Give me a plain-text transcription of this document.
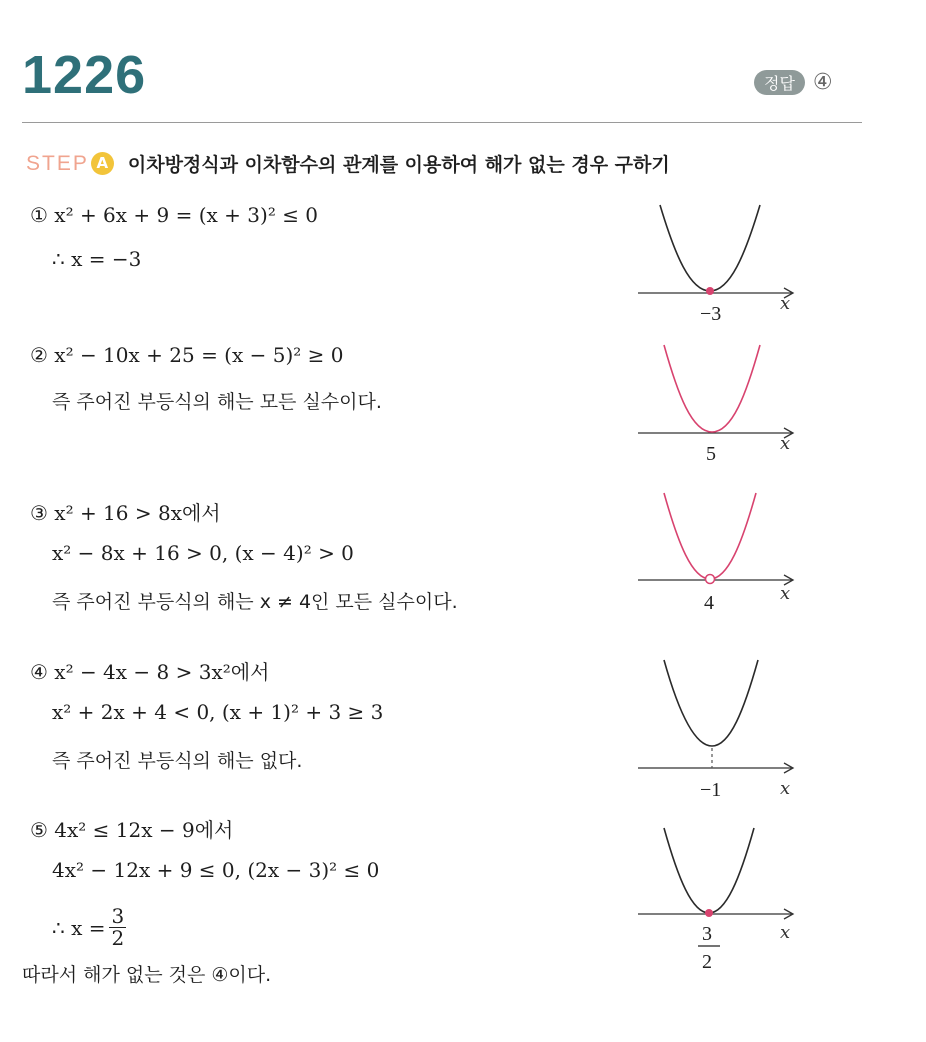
1226	정답 ④
STEP A	이차방정식과 이차함수의 관계를 이용하여 해가 없는 경우 구하기
① x² + 6x + 9 = (x + 3)² ≤ 0
∴ x = −3
② x² − 10x + 25 = (x − 5)² ≥ 0
즉 주어진 부등식의 해는 모든 실수이다.
③ x² + 16 > 8x에서
x² − 8x + 16 > 0, (x − 4)² > 0
즉 주어진 부등식의 해는 x ≠ 4인 모든 실수이다.
④ x² − 4x − 8 > 3x²에서
x² + 2x + 4 < 0, (x + 1)² + 3 ≥ 3
즉 주어진 부등식의 해는 없다.
⑤ 4x² ≤ 12x − 9에서
4x² − 12x + 9 ≤ 0, (2x − 3)² ≤ 0
∴ $x = \frac{3}{2}$
따라서 해가 없는 것은 ④이다.
−3	x
5	x
4	x
−1	x
3
2
x
